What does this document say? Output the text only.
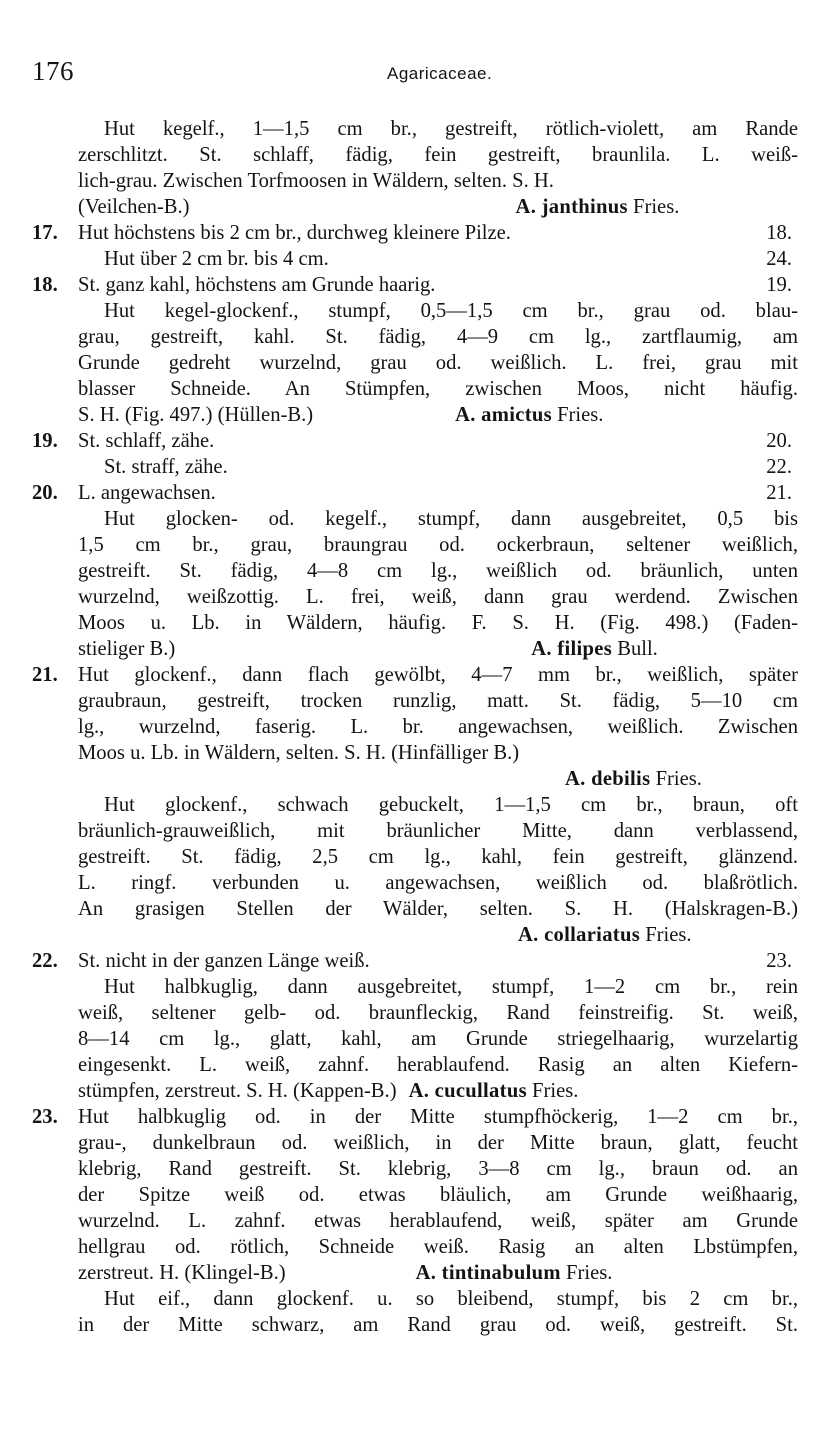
176	Agaricaceae.
Hut kegelf., 1—1,5 cm br., gestreift, rötlich-violett, am Rande
zerschlitzt. St. schlaff, fädig, fein gestreift, braunlila. L. weiß-
lich-grau. Zwischen Torfmoosen in Wäldern, selten. S. H.
(Veilchen-B.)	A. janthinus Fries.
17. Hut höchstens bis 2 cm br., durchweg kleinere Pilze.	18.
Hut über 2 cm br. bis 4 cm.	24.
18. St. ganz kahl, höchstens am Grunde haarig.	19.
Hut kegel-glockenf., stumpf, 0,5—1,5 cm br., grau od. blau-
grau, gestreift, kahl. St. fädig, 4—9 cm lg., zartflaumig, am
Grunde gedreht wurzelnd, grau od. weißlich. L. frei, grau mit
blasser Schneide. An Stümpfen, zwischen Moos, nicht häufig.
S. H. (Fig. 497.) (Hüllen-B.)	A. amictus Fries.
19. St. schlaff, zähe.	20.
St. straff, zähe.	22.
20. L. angewachsen.	21.
Hut glocken- od. kegelf., stumpf, dann ausgebreitet, 0,5 bis
1,5 cm br., grau, braungrau od. ockerbraun, seltener weißlich,
gestreift. St. fädig, 4—8 cm lg., weißlich od. bräunlich, unten
wurzelnd, weißzottig. L. frei, weiß, dann grau werdend. Zwischen
Moos u. Lb. in Wäldern, häufig. F. S. H. (Fig. 498.) (Faden-
stieliger B.)	A. filipes Bull.
21. Hut glockenf., dann flach gewölbt, 4—7 mm br., weißlich, später
graubraun, gestreift, trocken runzlig, matt. St. fädig, 5—10 cm
lg., wurzelnd, faserig. L. br. angewachsen, weißlich. Zwischen
Moos u. Lb. in Wäldern, selten. S. H. (Hinfälliger B.)
A. debilis Fries.
Hut glockenf., schwach gebuckelt, 1—1,5 cm br., braun, oft
bräunlich-grauweißlich, mit bräunlicher Mitte, dann verblassend,
gestreift. St. fädig, 2,5 cm lg., kahl, fein gestreift, glänzend.
L. ringf. verbunden u. angewachsen, weißlich od. blaßrötlich.
An grasigen Stellen der Wälder, selten. S. H. (Halskragen-B.)
A. collariatus Fries.
22. St. nicht in der ganzen Länge weiß.	23.
Hut halbkuglig, dann ausgebreitet, stumpf, 1—2 cm br., rein
weiß, seltener gelb- od. braunfleckig, Rand feinstreifig. St. weiß,
8—14 cm lg., glatt, kahl, am Grunde striegelhaarig, wurzelartig
eingesenkt. L. weiß, zahnf. herablaufend. Rasig an alten Kiefern-
stümpfen, zerstreut. S. H. (Kappen-B.) A. cucullatus Fries.
23. Hut halbkuglig od. in der Mitte stumpfhöckerig, 1—2 cm br.,
grau-, dunkelbraun od. weißlich, in der Mitte braun, glatt, feucht
klebrig, Rand gestreift. St. klebrig, 3—8 cm lg., braun od. an
der Spitze weiß od. etwas bläulich, am Grunde weißhaarig,
wurzelnd. L. zahnf. etwas herablaufend, weiß, später am Grunde
hellgrau od. rötlich, Schneide weiß. Rasig an alten Lbstümpfen,
zerstreut. H. (Klingel-B.)	A. tintinabulum Fries.
Hut eif., dann glockenf. u. so bleibend, stumpf, bis 2 cm br.,
in der Mitte schwarz, am Rand grau od. weiß, gestreift. St.
